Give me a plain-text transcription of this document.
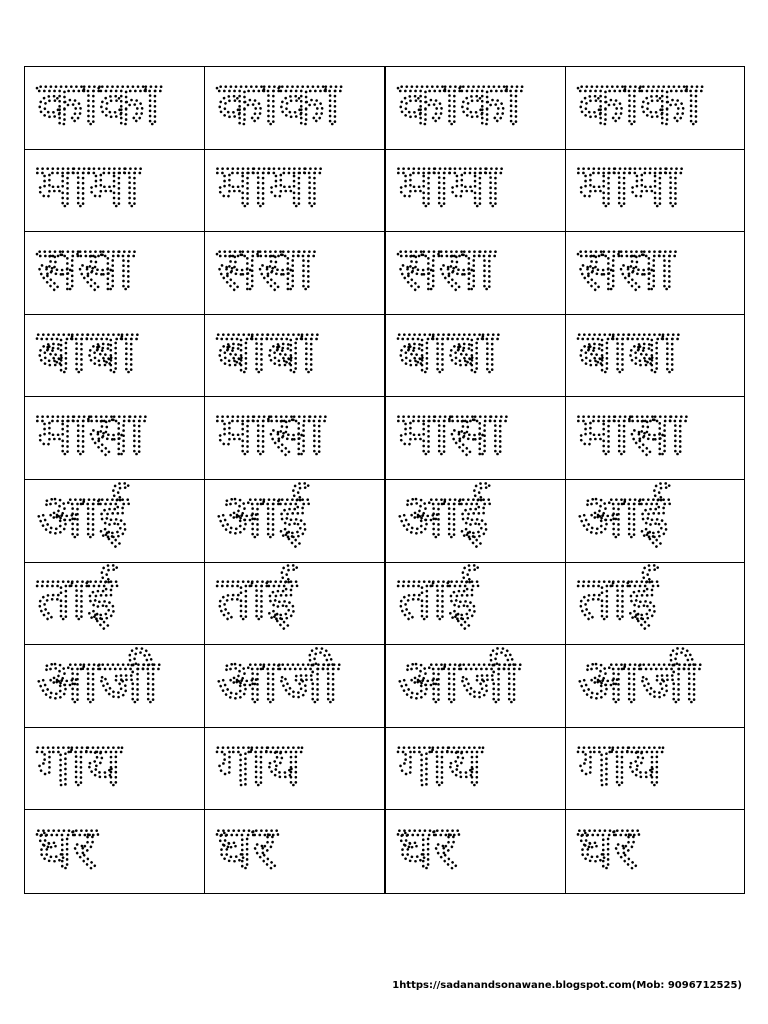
काका काका काका काका
मामा मामा मामा मामा
ससा ससा ससा ससा
बाबा बाबा बाबा बाबा
मासा मासा मासा मासा
आई आई आई आई
ताई ताई ताई ताई
आजी आजी आजी आजी
गाय गाय गाय गाय
घर घर घर घर
1https://sadanandsonawane.blogspot.com(Mob: 9096712525)
